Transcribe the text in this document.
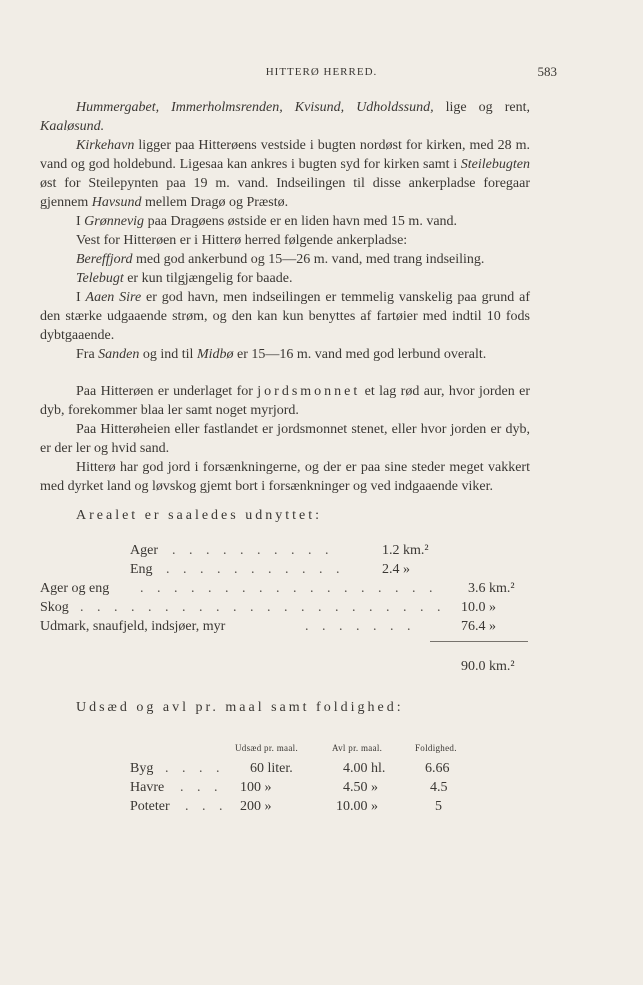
HITTERØ HERRED.	583

Hummergabet, Immerholmsrenden, Kvisund, Udholdssund, lige og rent, Kaaløsund.

Kirkehavn ligger paa Hitterøens vestside i bugten nordøst for kirken, med 28 m. vand og god holdebund. Ligesaa kan ankres i bugten syd for kirken samt i Steilebugten øst for Steilepynten paa 19 m. vand. Indseilingen til disse ankerpladse foregaar gjennem Havsund mellem Dragø og Præstø.

I Grønnevig paa Dragøens østside er en liden havn med 15 m. vand.

Vest for Hitterøen er i Hitterø herred følgende ankerpladse:

Bereffjord med god ankerbund og 15—26 m. vand, med trang indseiling.

Telebugt er kun tilgjængelig for baade.

I Aaen Sire er god havn, men indseilingen er temmelig vanskelig paa grund af den stærke udgaaende strøm, og den kan kun benyttes af fartøier med indtil 10 fods dybtgaaende.

Fra Sanden og ind til Midbø er 15—16 m. vand med god lerbund overalt.

Paa Hitterøen er underlaget for jordsmonnet et lag rød aur, hvor jorden er dyb, forekommer blaa ler samt noget myrjord.

Paa Hitterøheien eller fastlandet er jordsmonnet stenet, eller hvor jorden er dyb, er der ler og hvid sand.

Hitterø har god jord i forsænkningerne, og der er paa sine steder meget vakkert med dyrket land og løvskog gjemt bort i forsænkninger og ved indgaaende viker.

Arealet er saaledes udnyttet:

Ager . . . . . . . . . .	1.2 km.²
Eng . . . . . . . . . . .	2.4 »
Ager og eng . . . . . . . . . . . . . . . . . .	3.6 km.²
Skog . . . . . . . . . . . . . . . . . . . . . .	10.0 »
Udmark, snaufjeld, indsjøer, myr	. . . . . . .	76.4 »
90.0 km.²

Udsæd og avl pr. maal samt foldighed:

Udsæd pr. maal.	Avl pr. maal.	Foldighed.
Byg . . . . 60 liter.	4.00 hl.	6.66
Havre . . . 100 »	4.50 »	4.5
Poteter . . . 200 »	10.00 »	5
